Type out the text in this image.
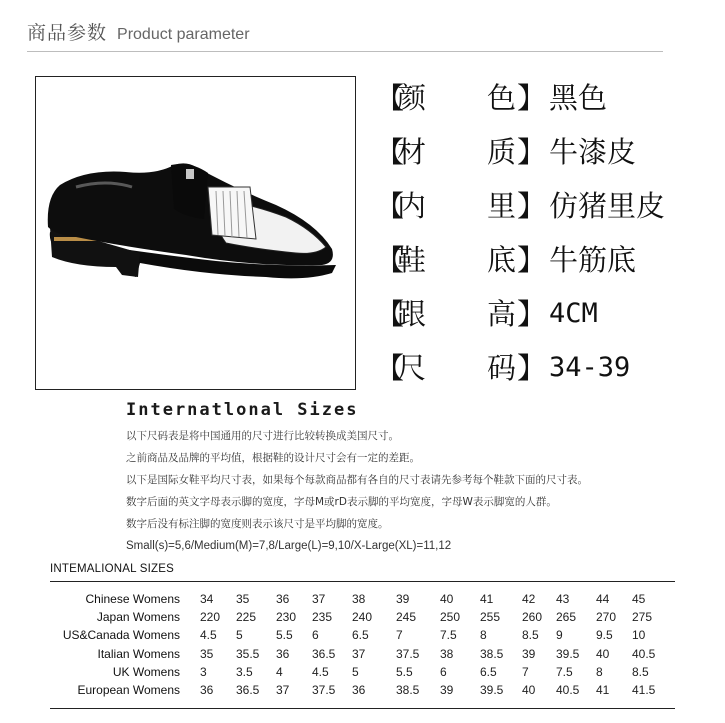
商品参数 Product parameter
【
颜 色 】 黑色
【
材 质 】 牛漆皮
【
内 里 】 仿猪里皮
【
鞋 底 】 牛筋底
【
跟 高 】 4CM
【
尺 码 】 34-39
Internatlonal Sizes
以下尺码表是将中国通用的尺寸进行比较转换成美国尺寸。
之前商品及品牌的平均值，根据鞋的设计尺寸会有一定的差距。
以下是国际女鞋平均尺寸表，如果每个每款商品都有各自的尺寸表请先参考每个鞋款下面的尺寸表。
数字后面的英文字母表示脚的宽度，字母M或rD表示脚的平均宽度，字母W表示脚宽的人群。
数字后没有标注脚的宽度则表示该尺寸是平均脚的宽度。
Small(s)=5,6/Medium(M)=7,8/Large(L)=9,10/X-Large(XL)=11,12
INTEMALIONAL SIZES
Chinese Womens 34 35 36 37 38	39	40 41 42 43 44 45
Japan Womens 220 225 230 235 240 245 250 255 260 265 270 275
US&Canada Womens 4.5 5	5.5 6	6.5 7	7.5 8	8.5 9	9.5 10
Italian Womens 35 35.5 36 36.5 37	37.5 38 38.5 39 39.5 40 40.5
UK Womens 3 3.5 4 4.5 5	5.5 6	6.5 7 7.5 8 8.5
European Womens 36 36.5 37 37.5 36	38.5 39 39.5 40 40.5 41 41.5
